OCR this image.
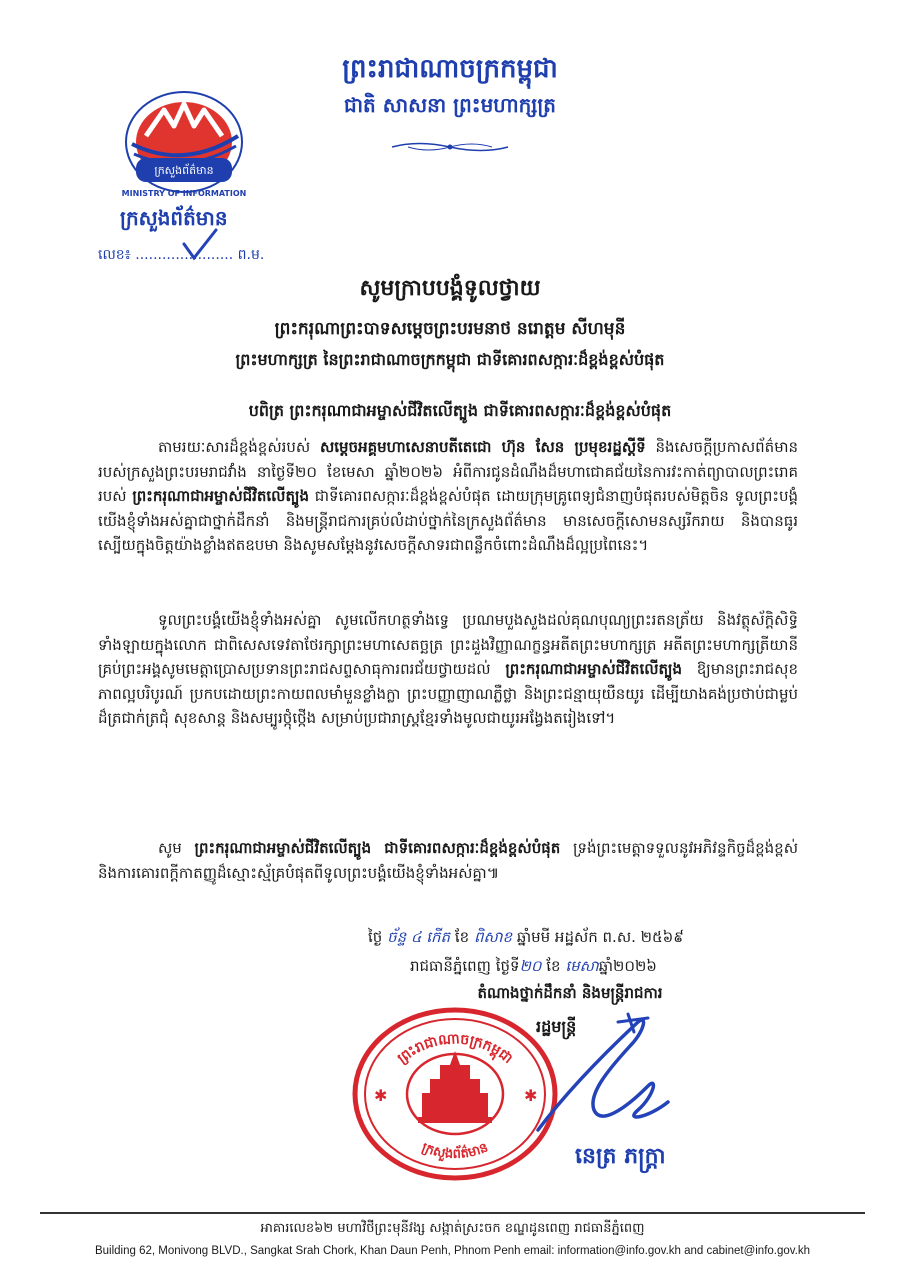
ព្រះរាជាណាចក្រកម្ពុជា
ជាតិ សាសនា ព្រះមហាក្សត្រ
ក្រសួងព័ត៌មាន
MINISTRY OF INFORMATION
ក្រសួងព័ត៌មាន
លេខ៖ ...................... ព.ម.
សូមក្រាបបង្គំទូលថ្វាយ
ព្រះករុណាព្រះបាទសម្តេចព្រះបរមនាថ នរោត្តម សីហមុនី
ព្រះមហាក្សត្រ នៃព្រះរាជាណាចក្រកម្ពុជា ជាទីគោរពសក្ការៈដ៏ខ្ពង់ខ្ពស់បំផុត
បពិត្រ ព្រះករុណាជាអម្ចាស់ជីវិតលើត្បូង ជាទីគោរពសក្ការៈដ៏ខ្ពង់ខ្ពស់បំផុត
តាមរយៈសារដ៏ខ្ពង់ខ្ពស់របស់ សម្តេចអគ្គមហាសេនាបតីតេជោ ហ៊ុន សែន ប្រមុខរដ្ឋស្តីទី និងសេចក្តីប្រកាសព័ត៌មានរបស់ក្រសួងព្រះបរមរាជវាំង នាថ្ងៃទី២០ ខែមេសា ឆ្នាំ២០២៦ អំពីការជូនដំណឹងដ៏មហាជោគជ័យនៃការវះកាត់ព្យាបាលព្រះរោគរបស់ ព្រះករុណាជាអម្ចាស់ជីវិតលើត្បូង ជាទីគោរពសក្ការៈដ៏ខ្ពង់ខ្ពស់បំផុត ដោយក្រុមគ្រូពេទ្យជំនាញបំផុតរបស់មិត្តចិន ទូលព្រះបង្គំយើងខ្ញុំទាំងអស់គ្នាជាថ្នាក់ដឹកនាំ និងមន្ត្រីរាជការគ្រប់លំដាប់ថ្នាក់នៃក្រសួងព័ត៌មាន មានសេចក្តីសោមនស្សរីករាយ និងបានធូរស្បើយក្នុងចិត្តយ៉ាងខ្លាំងឥតឧបមា និងសូមសម្តែងនូវសេចក្តីសាទរជាពន្លឹកចំពោះដំណឹងដ៏ល្អប្រពៃនេះ។
ទូលព្រះបង្គំយើងខ្ញុំទាំងអស់គ្នា សូមលើកហត្ថទាំងទ្វេ ប្រណមបួងសួងដល់គុណបុណ្យព្រះរតនត្រ័យ និងវត្ថុស័ក្តិសិទ្ធិទាំងឡាយក្នុងលោក ជាពិសេសទេវតាថែរក្សាព្រះមហាសេតច្ឆត្រ ព្រះដួងវិញ្ញាណក្ខន្ធអតីតព្រះមហាក្សត្រ អតីតព្រះមហាក្សត្រីយានីគ្រប់ព្រះអង្គសូមមេត្តាប្រោសប្រទានព្រះរាជសព្ទសាធុការពរជ័យថ្វាយដល់ ព្រះករុណាជាអម្ចាស់ជីវិតលើត្បូង ឱ្យមានព្រះរាជសុខភាពល្អបរិបូរណ៍ ប្រកបដោយព្រះកាយពលមាំមួនខ្លាំងក្លា ព្រះបញ្ញាញាណភ្លឺថ្លា និងព្រះជន្មាយុយឺនយូរ ដើម្បីយាងគង់ប្រថាប់ជាម្លប់ដ៏ត្រជាក់ត្រជុំ សុខសាន្ត និងសម្បូរថ្កុំថ្កើង សម្រាប់ប្រជារាស្ត្រខ្មែរទាំងមូលជាយូរអង្វែងតរៀងទៅ។
សូម ព្រះករុណាជាអម្ចាស់ជីវិតលើត្បូង ជាទីគោរពសក្ការៈដ៏ខ្ពង់ខ្ពស់បំផុត ទ្រង់ព្រះមេត្តាទទួលនូវអភិវន្ទកិច្ចដ៏ខ្ពង់ខ្ពស់ និងការគោរពក្តីកាតញ្ញូដ៏ស្មោះស្ម័គ្របំផុតពីទូលព្រះបង្គំយើងខ្ញុំទាំងអស់គ្នា៕
ថ្ងៃ ច័ន្ទ ៤ កើត ខែ ពិសាខ ឆ្នាំមមី អដ្ឋស័ក ព.ស. ២៥៦៩
រាជធានីភ្នំពេញ ថ្ងៃទី២០ ខែ មេសាឆ្នាំ២០២៦
តំណាងថ្នាក់ដឹកនាំ និងមន្ត្រីរាជការ
រដ្ឋមន្ត្រី
ព្រះរាជាណាចក្រកម្ពុជា
ក្រសួងព័ត៌មាន
✱	✱
នេត្រ ភក្ត្រា
អាគារលេខ៦២ មហាវិថីព្រះមុនីវង្ស សង្កាត់ស្រះចក ខណ្ឌដូនពេញ រាជធានីភ្នំពេញ
Building 62, Monivong BLVD., Sangkat Srah Chork, Khan Daun Penh, Phnom Penh email: information@info.gov.kh and cabinet@info.gov.kh
